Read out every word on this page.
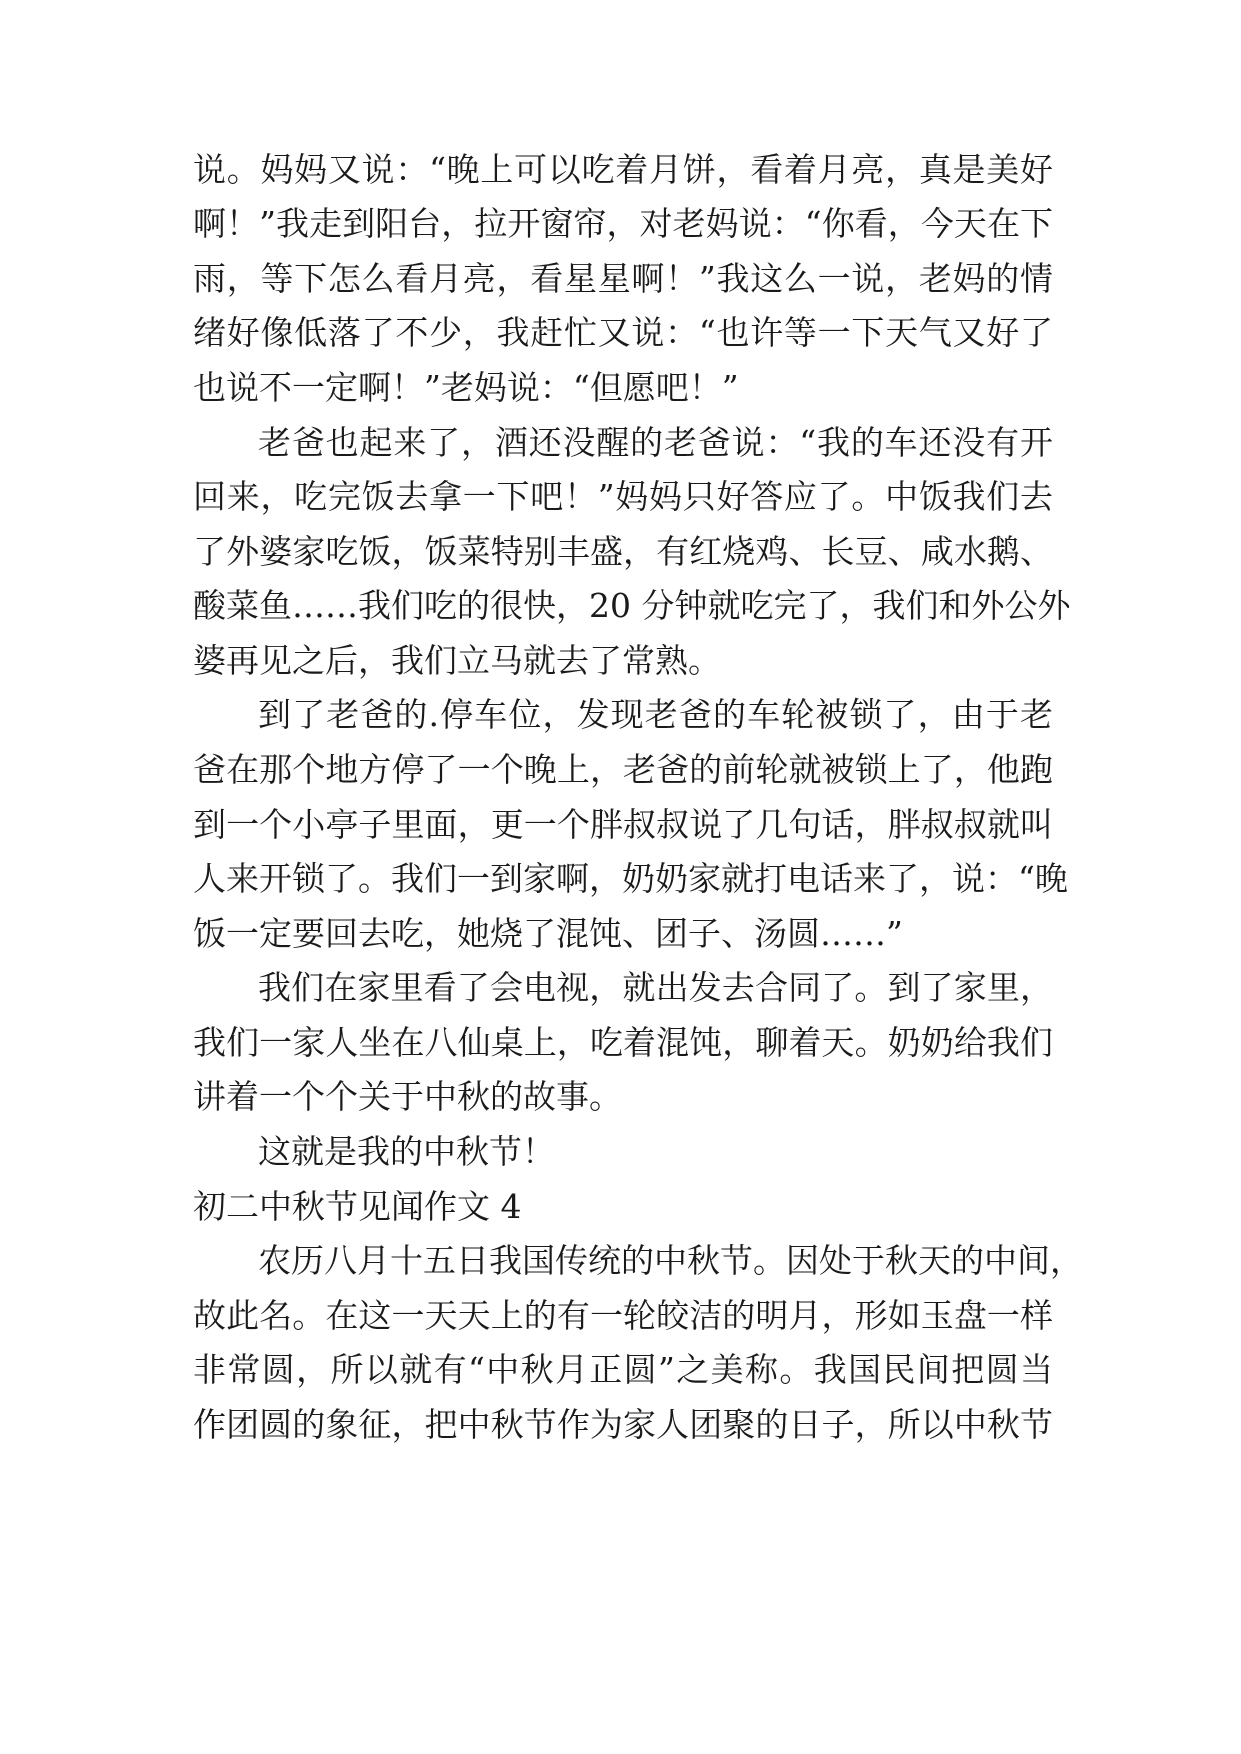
说。妈妈又说：“晚上可以吃着月饼，看着月亮，真是美好
啊！”我走到阳台，拉开窗帘，对老妈说：“你看，今天在下
雨，等下怎么看月亮，看星星啊！”我这么一说，老妈的情
绪好像低落了不少，我赶忙又说：“也许等一下天气又好了
也说不一定啊！”老妈说：“但愿吧！”
老爸也起来了，酒还没醒的老爸说：“我的车还没有开
回来，吃完饭去拿一下吧！”妈妈只好答应了。中饭我们去
了外婆家吃饭，饭菜特别丰盛，有红烧鸡、长豆、咸水鹅、
酸菜鱼……我们吃的很快，20 分钟就吃完了，我们和外公外
婆再见之后，我们立马就去了常熟。
到了老爸的.停车位，发现老爸的车轮被锁了，由于老
爸在那个地方停了一个晚上，老爸的前轮就被锁上了，他跑
到一个小亭子里面，更一个胖叔叔说了几句话，胖叔叔就叫
人来开锁了。我们一到家啊，奶奶家就打电话来了，说：“晚
饭一定要回去吃，她烧了混饨、团子、汤圆……”
我们在家里看了会电视，就出发去合同了。到了家里，
我们一家人坐在八仙桌上，吃着混饨，聊着天。奶奶给我们
讲着一个个关于中秋的故事。
这就是我的中秋节！
初二中秋节见闻作文 4
农历八月十五日我国传统的中秋节。因处于秋天的中间，
故此名。在这一天天上的有一轮皎洁的明月，形如玉盘一样
非常圆，所以就有“中秋月正圆”之美称。我国民间把圆当
作团圆的象征，把中秋节作为家人团聚的日子，所以中秋节
